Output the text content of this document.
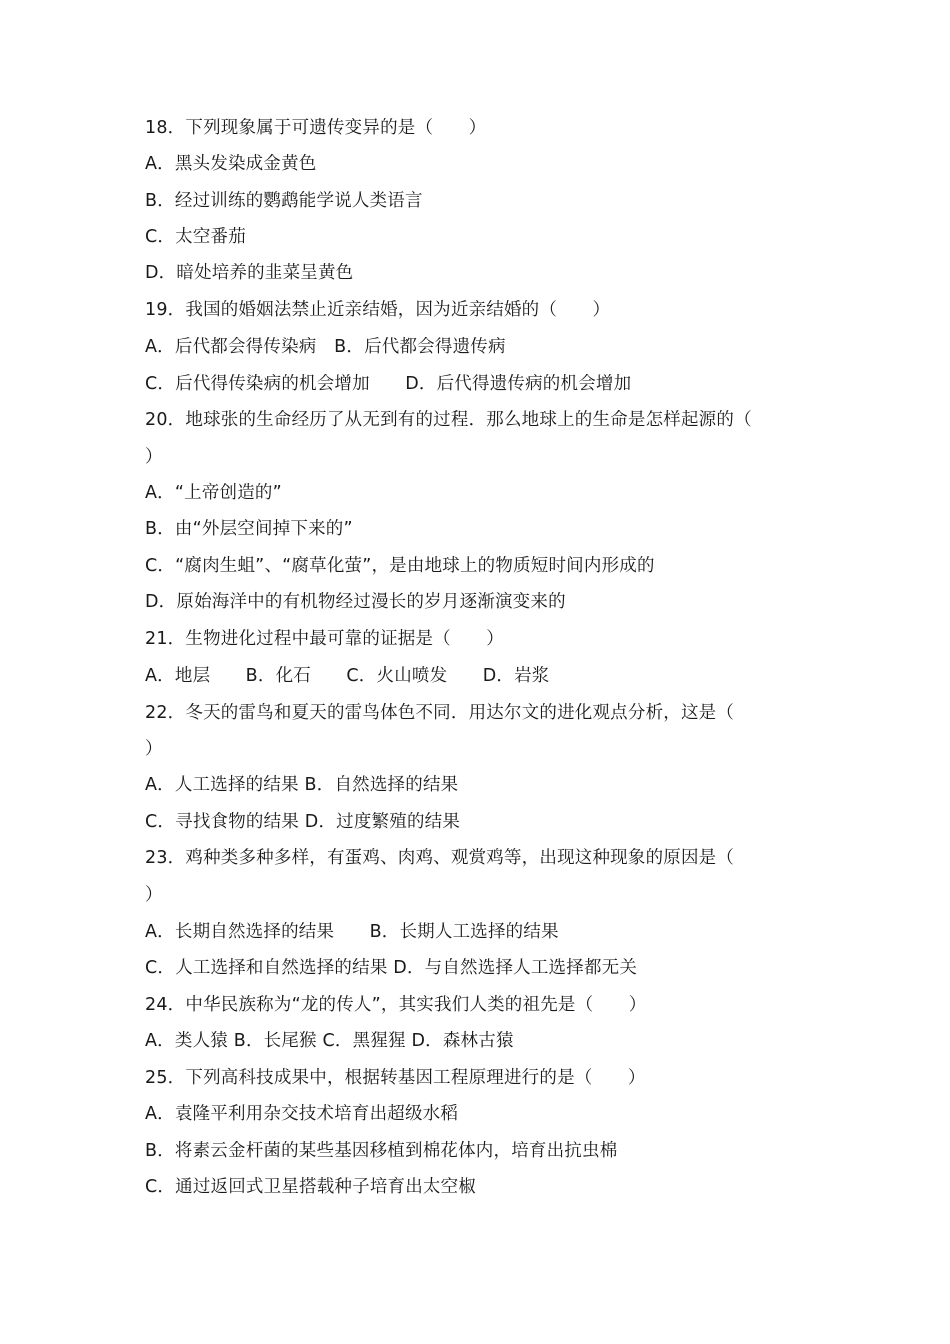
18．下列现象属于可遗传变异的是（　　）
A．黑头发染成金黄色
B．经过训练的鹦鹉能学说人类语言
C．太空番茄
D．暗处培养的韭菜呈黄色
19．我国的婚姻法禁止近亲结婚，因为近亲结婚的（　　）
A．后代都会得传染病　B．后代都会得遗传病
C．后代得传染病的机会增加　　D．后代得遗传病的机会增加
20．地球张的生命经历了从无到有的过程．那么地球上的生命是怎样起源的（
）
A．“上帝创造的”
B．由“外层空间掉下来的”
C．“腐肉生蛆”、“腐草化萤”，是由地球上的物质短时间内形成的
D．原始海洋中的有机物经过漫长的岁月逐渐演变来的
21．生物进化过程中最可靠的证据是（　　）
A．地层　　B．化石　　C．火山喷发　　D．岩浆
22．冬天的雷鸟和夏天的雷鸟体色不同．用达尔文的进化观点分析，这是（
）
A．人工选择的结果 B．自然选择的结果
C．寻找食物的结果 D．过度繁殖的结果
23．鸡种类多种多样，有蛋鸡、肉鸡、观赏鸡等，出现这种现象的原因是（
）
A．长期自然选择的结果　　B．长期人工选择的结果
C．人工选择和自然选择的结果 D．与自然选择人工选择都无关
24．中华民族称为“龙的传人”，其实我们人类的祖先是（　　）
A．类人猿 B．长尾猴 C．黑猩猩 D．森林古猿
25．下列高科技成果中，根据转基因工程原理进行的是（　　）
A．袁隆平利用杂交技术培育出超级水稻
B．将素云金杆菌的某些基因移植到棉花体内，培育出抗虫棉
C．通过返回式卫星搭载种子培育出太空椒
